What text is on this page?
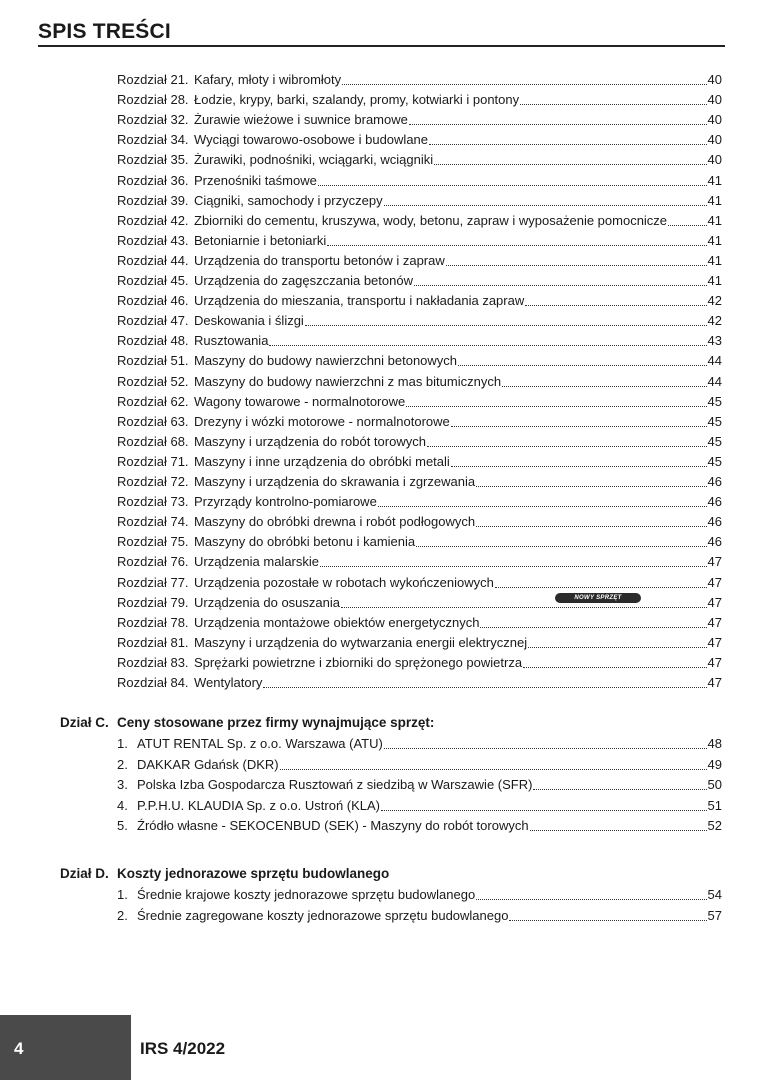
SPIS TREŚCI
Dział C. Ceny stosowane przez firmy wynajmujące sprzęt:
Dział D. Koszty jednorazowe sprzętu budowlanego
Rozdział 21. Kafary, młoty i wibromłoty	40
Rozdział 28. Łodzie, krypy, barki, szalandy, promy, kotwiarki i pontony	40
Rozdział 32. Żurawie wieżowe i suwnice bramowe	40
Rozdział 34. Wyciągi towarowo-osobowe i budowlane	40
Rozdział 35. Żurawiki, podnośniki, wciągarki, wciągniki	40
Rozdział 36. Przenośniki taśmowe	41
Rozdział 39. Ciągniki, samochody i przyczepy	41
Rozdział 42. Zbiorniki do cementu, kruszywa, wody, betonu, zapraw i wyposażenie pomocnicze	41
Rozdział 43. Betoniarnie i betoniarki	41
Rozdział 44. Urządzenia do transportu betonów i zapraw	41
Rozdział 45. Urządzenia do zagęszczania betonów	41
Rozdział 46. Urządzenia do mieszania, transportu i nakładania zapraw	42
Rozdział 47. Deskowania i ślizgi	42
Rozdział 48. Rusztowania	43
Rozdział 51. Maszyny do budowy nawierzchni betonowych	44
Rozdział 52. Maszyny do budowy nawierzchni z mas bitumicznych	44
Rozdział 62. Wagony towarowe - normalnotorowe	45
Rozdział 63. Drezyny i wózki motorowe - normalnotorowe	45
Rozdział 68. Maszyny i urządzenia do robót torowych	45
Rozdział 71. Maszyny i inne urządzenia do obróbki metali	45
Rozdział 72. Maszyny i urządzenia do skrawania i zgrzewania	46
Rozdział 73. Przyrządy kontrolno-pomiarowe	46
Rozdział 74. Maszyny do obróbki drewna i robót podłogowych	46
Rozdział 75. Maszyny do obróbki betonu i kamienia	46
Rozdział 76. Urządzenia malarskie	47
Rozdział 77. Urządzenia pozostałe w robotach wykończeniowych	47
Rozdział 79. Urządzenia do osuszania	47
Rozdział 78. Urządzenia montażowe obiektów energetycznych	47
Rozdział 81. Maszyny i urządzenia do wytwarzania energii elektrycznej	47
Rozdział 83. Sprężarki powietrzne i zbiorniki do sprężonego powietrza	47
Rozdział 84. Wentylatory	47
1. ATUT RENTAL Sp. z o.o. Warszawa (ATU)	48
2. DAKKAR Gdańsk (DKR)	49
3. Polska Izba Gospodarcza Rusztowań z siedzibą w Warszawie (SFR)	50
4. P.P.H.U. KLAUDIA Sp. z o.o. Ustroń (KLA)	51
5. Źródło własne - SEKOCENBUD (SEK) - Maszyny do robót torowych	52
1. Średnie krajowe koszty jednorazowe sprzętu budowlanego	54
2. Średnie zagregowane koszty jednorazowe sprzętu budowlanego	57
NOWY SPRZĘT
4	IRS 4/2022
